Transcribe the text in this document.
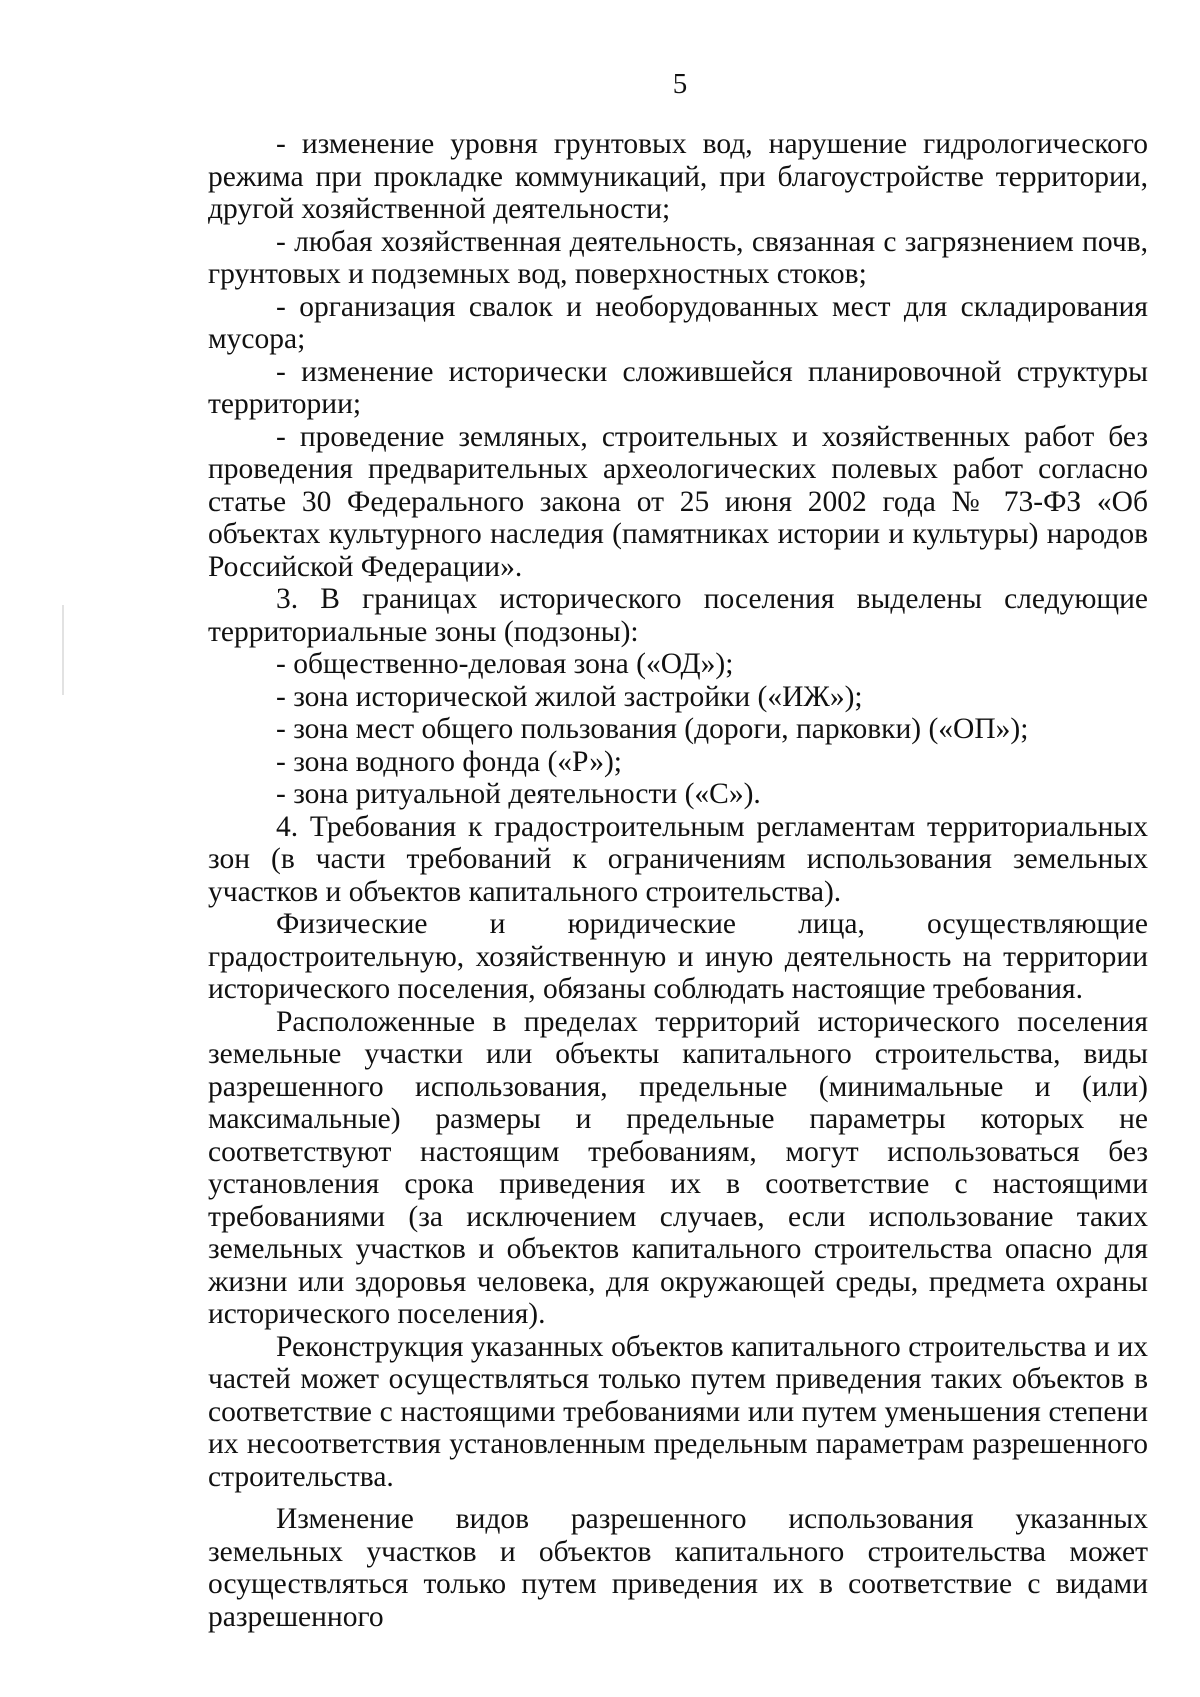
5

- изменение уровня грунтовых вод, нарушение гидрологического режима при прокладке коммуникаций, при благоустройстве территории, другой хозяйственной деятельности;

- любая хозяйственная деятельность, связанная с загрязнением почв, грунтовых и подземных вод, поверхностных стоков;

- организация свалок и необорудованных мест для складирования мусора;

- изменение исторически сложившейся планировочной структуры территории;

- проведение земляных, строительных и хозяйственных работ без проведения предварительных археологических полевых работ согласно статье 30 Федерального закона от 25 июня 2002 года № 73-ФЗ «Об объектах культурного наследия (памятниках истории и культуры) народов Российской Федерации».

3. В границах исторического поселения выделены следующие территориальные зоны (подзоны):

- общественно-деловая зона («ОД»);

- зона исторической жилой застройки («ИЖ»);

- зона мест общего пользования (дороги, парковки) («ОП»);

- зона водного фонда («Р»);

- зона ритуальной деятельности («С»).

4. Требования к градостроительным регламентам территориальных зон (в части требований к ограничениям использования земельных участков и объектов капитального строительства).

Физические и юридические лица, осуществляющие градостроительную, хозяйственную и иную деятельность на территории исторического поселения, обязаны соблюдать настоящие требования.

Расположенные в пределах территорий исторического поселения земельные участки или объекты капитального строительства, виды разрешенного использования, предельные (минимальные и (или) максимальные) размеры и предельные параметры которых не соответствуют настоящим требованиям, могут использоваться без установления срока приведения их в соответствие с настоящими требованиями (за исключением случаев, если использование таких земельных участков и объектов капитального строительства опасно для жизни или здоровья человека, для окружающей среды, предмета охраны исторического поселения).

Реконструкция указанных объектов капитального строительства и их частей может осуществляться только путем приведения таких объектов в соответствие с настоящими требованиями или путем уменьшения степени их несоответствия установленным предельным параметрам разрешенного строительства.

Изменение видов разрешенного использования указанных земельных участков и объектов капитального строительства может осуществляться только путем приведения их в соответствие с видами разрешенного
